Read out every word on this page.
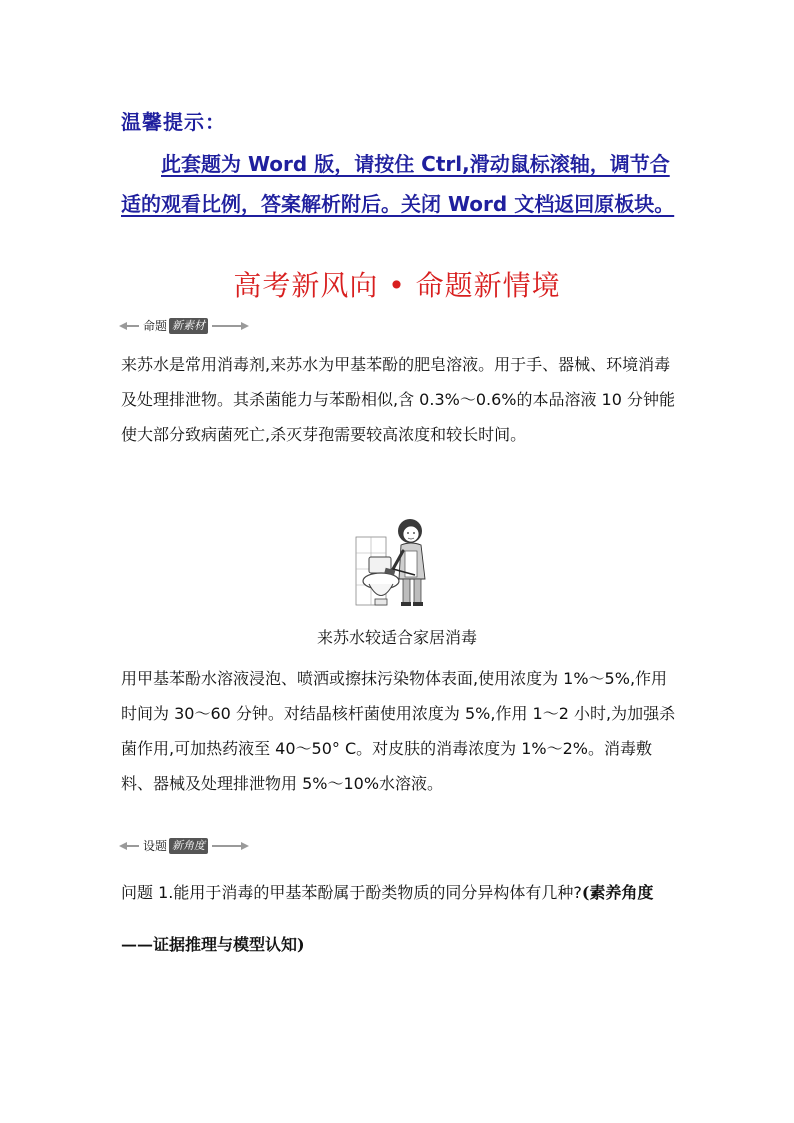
温馨提示：

此套题为 Word 版，请按住 Ctrl,滑动鼠标滚轴，调节合适的观看比例，答案解析附后。关闭 Word 文档返回原板块。

高考新风向 • 命题新情境
命题 新素材

来苏水是常用消毒剂,来苏水为甲基苯酚的肥皂溶液。用于手、器械、环境消毒及处理排泄物。其杀菌能力与苯酚相似,含 0.3%～0.6%的本品溶液 10 分钟能使大部分致病菌死亡,杀灭芽孢需要较高浓度和较长时间。

来苏水较适合家居消毒

用甲基苯酚水溶液浸泡、喷洒或擦抹污染物体表面,使用浓度为 1%～5%,作用时间为 30～60 分钟。对结晶核杆菌使用浓度为 5%,作用 1～2 小时,为加强杀菌作用,可加热药液至 40～50° C。对皮肤的消毒浓度为 1%～2%。消毒敷料、器械及处理排泄物用 5%～10%水溶液。

设题 新角度

问题 1.能用于消毒的甲基苯酚属于酚类物质的同分异构体有几种?(素养角度

——证据推理与模型认知)
